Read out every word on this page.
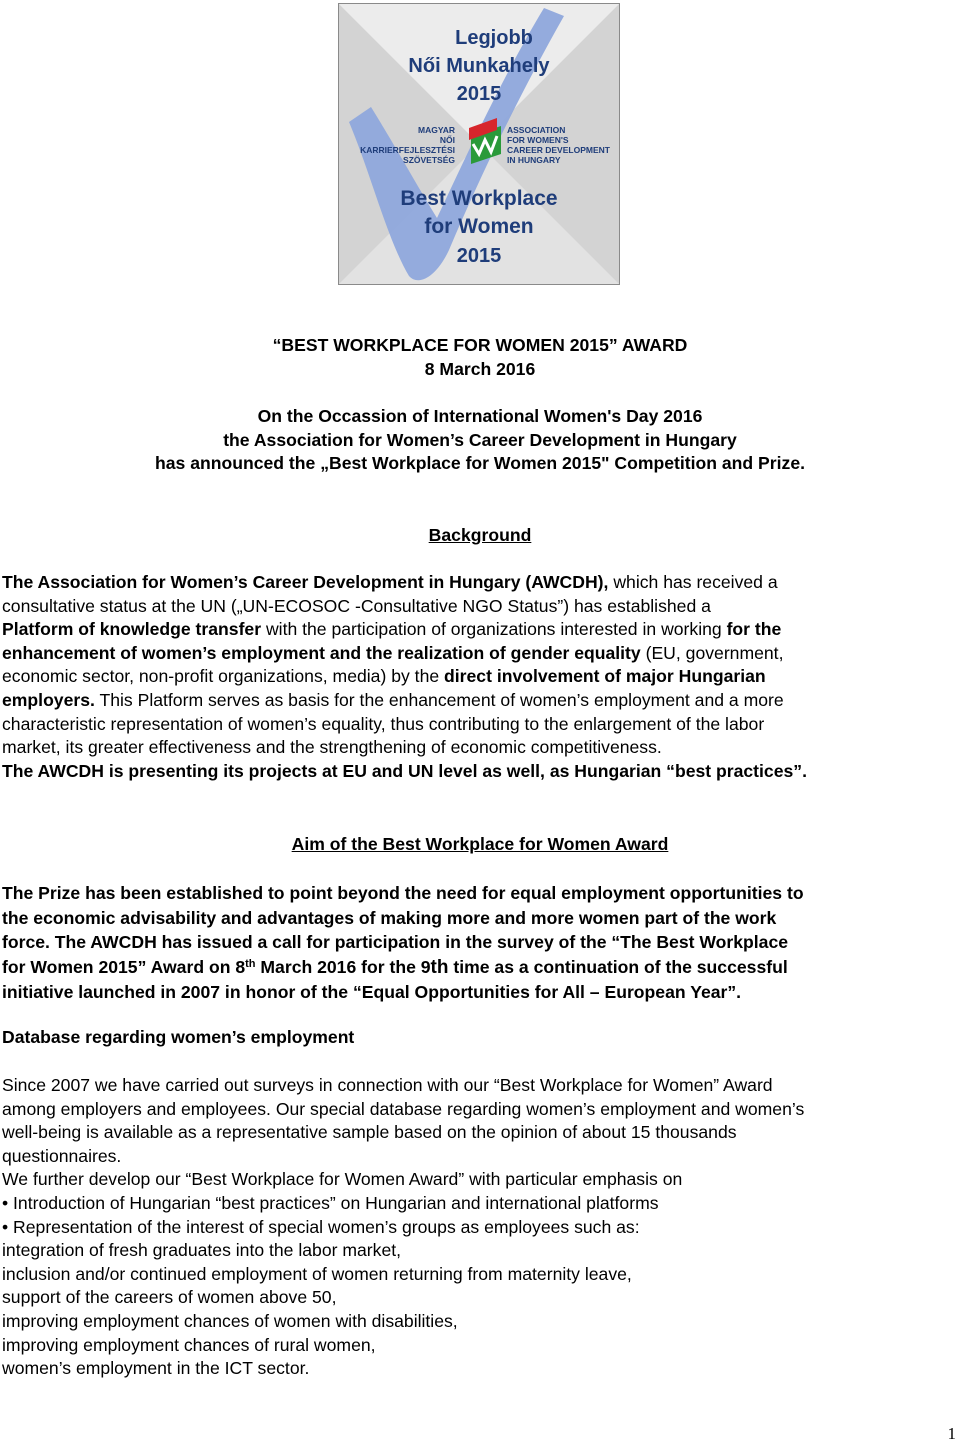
Legjobb
Női Munkahely
2015
Best Workplace
for Women
2015
MAGYAR
NŐI
KARRIERFEJLESZTÉSI
SZÖVETSÉG
ASSOCIATION
FOR WOMEN'S
CAREER DEVELOPMENT
IN HUNGARY

“BEST WORKPLACE FOR WOMEN 2015” AWARD

8 March 2016

On the Occassion of International Women's Day 2016

the Association for Women’s Career Development in Hungary

has announced the „Best Workplace for Women 2015" Competition and Prize.

Background
The Association for Women’s Career Development in Hungary (AWCDH), which has received a
consultative status at the UN („UN-ECOSOC -Consultative NGO Status”) has established a
Platform of knowledge transfer with the participation of organizations interested in working for the
enhancement of women’s employment and the realization of gender equality (EU, government,
economic sector, non-profit organizations, media) by the direct involvement of major Hungarian
employers. This Platform serves as basis for the enhancement of women’s employment and a more
characteristic representation of women’s equality, thus contributing to the enlargement of the labor
market, its greater effectiveness and the strengthening of economic competitiveness.
The AWCDH is presenting its projects at EU and UN level as well, as Hungarian “best practices”.
Aim of the Best Workplace for Women Award
The Prize has been established to point beyond the need for equal employment opportunities to
the economic advisability and advantages of making more and more women part of the work
force. The AWCDH has issued a call for participation in the survey of the “The Best Workplace
for Women 2015” Award on 8th March 2016 for the 9th time as a continuation of the successful
initiative launched in 2007 in honor of the “Equal Opportunities for All – European Year”.
Database regarding women’s employment
Since 2007 we have carried out surveys in connection with our “Best Workplace for Women” Award
among employers and employees. Our special database regarding women’s employment and women’s
well-being is available as a representative sample based on the opinion of about 15 thousands
questionnaires.
We further develop our “Best Workplace for Women Award” with particular emphasis on
• Introduction of Hungarian “best practices” on Hungarian and international platforms
• Representation of the interest of special women’s groups as employees such as:
integration of fresh graduates into the labor market,
inclusion and/or continued employment of women returning from maternity leave,
support of the careers of women above 50,
improving employment chances of women with disabilities,
improving employment chances of rural women,
women’s employment in the ICT sector.
1
